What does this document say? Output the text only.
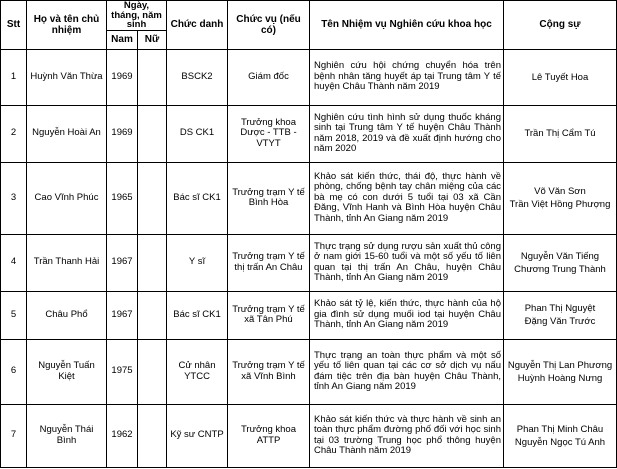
Stt	Họ và tên chủ nhiệm	Ngày, tháng, năm sinh		Chức danh	Chức vụ (nếu có)	Tên Nhiệm vụ Nghiên cứu khoa học	Cộng sự
		Nam	Nữ				
1	Huỳnh Văn Thừa	1969		BSCK2	Giám đốc	Nghiên cứu hội chứng chuyển hóa trên bệnh nhân tăng huyết áp tại Trung tâm Y tế huyện Châu Thành năm 2019	Lê Tuyết Hoa

2	Nguyễn Hoài An	1969		DS CK1	Trưởng khoa Dược - TTB - VTYT	Nghiên cứu tình hình sử dụng thuốc kháng sinh tại Trung tâm Y tế huyện Châu Thành năm 2018, 2019 và đề xuất định hướng cho năm 2020	Trần Thị Cẩm Tú

3	Cao Vĩnh Phúc	1965		Bác sĩ CK1	Trưởng trạm Y tế Bình Hòa	Khảo sát kiến thức, thái độ, thực hành về phòng, chống bệnh tay chân miệng của các bà mẹ có con dưới 5 tuổi tại 03 xã Cần Đăng, Vĩnh Hanh và Bình Hòa huyện Châu Thành, tỉnh An Giang năm 2019	Võ Văn Sơn
Trần Việt Hồng Phượng

4	Trần Thanh Hải	1967		Y sĩ	Trưởng trạm Y tế thị trấn An Châu	Thực trạng sử dụng rượu sản xuất thủ công ở nam giới 15-60 tuổi và một số yếu tố liên quan tại thị trấn An Châu, huyện Châu Thành, tỉnh An Giang năm 2019	Nguyễn Văn Tiếng
Chương Trung Thành

5	Châu Phổ	1967		Bác sĩ CK1	Trưởng trạm Y tế xã Tân Phú	Khảo sát tỷ lệ, kiến thức, thực hành của hộ gia đình sử dụng muối iod tại huyện Châu Thành, tỉnh An Giang năm 2019	Phan Thị Nguyệt
Đặng Văn Trước

6	Nguyễn Tuấn Kiệt	1975		Cử nhân YTCC	Trưởng trạm Y tế xã Vĩnh Bình	Thực trạng an toàn thực phẩm và một số yếu tố liên quan tại các cơ sở dịch vụ nấu đám tiệc trên địa bàn huyện Châu Thành, tỉnh An Giang năm 2019	Nguyễn Thị Lan Phương
Huỳnh Hoàng Nưng

7	Nguyễn Thái Bình	1962		Kỹ sư CNTP	Trưởng khoa ATTP	Khảo sát kiến thức và thực hành về sinh an toàn thực phẩm đường phố đối với học sinh tại 03 trường Trung học phổ thông huyện Châu Thành năm 2019	Phan Thị Minh Châu
Nguyễn Ngọc Tú Anh
